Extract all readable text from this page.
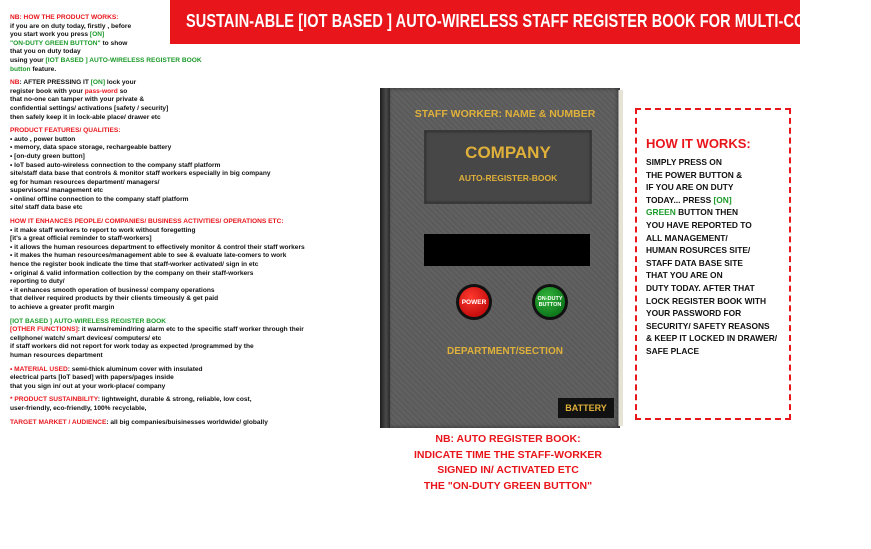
SUSTAIN-ABLE [IOT BASED ] AUTO-WIRELESS STAFF REGISTER BOOK FOR MULTI-COMPANIES

NB: HOW THE PRODUCT WORKS:
if you are on duty today, firstly , before
you start work you press [ON]
"ON-DUTY GREEN BUTTON" to show
that you on duty today
using your [IOT BASED ] AUTO-WIRELESS REGISTER BOOK
button feature.

NB: AFTER PRESSING IT [ON] lock your
register book with your pass-word so
that no-one can tamper with your private &
confidential settings/ activations [safety / security]
then safely keep it in lock-able place/ drawer etc

PRODUCT FEATURES/ QUALITIES:
• auto , power button
• memory, data space storage, rechargeable battery
• [on-duty green button]
• IoT based auto-wireless connection to the company staff platform
site/staff data base that controls & monitor staff workers especially in big company
eg for human resources department/ managers/
supervisors/ management etc
• online/ offline connection to the company staff platform
site/ staff data base etc

HOW IT ENHANCES PEOPLE/ COMPANIES/ BUSINESS ACTIVITIES/ OPERATIONS ETC:
• it make staff workers to report to work without foregetting
[it's a great official reminder to staff-workers]
• it allows the human resources department to effectively monitor & control their staff workers
• it makes the human resources/management able to see & evaluate late-comers to work
hence the register book indicate the time that staff-worker activated/ sign in etc
• original & valid information collection by the company on their staff-workers
reporting to duty/
• it enhances smooth operation of business/ company operations
that deliver required products by their clients timeously & get paid
to achieve a greater profit margin

[IOT BASED ] AUTO-WIRELESS REGISTER BOOK
[OTHER FUNCTIONS]: it warns/remind/ring alarm etc to the specific staff worker through their
cellphone/ watch/ smart devices/ computers/ etc
if staff workers did not report for work today as expected /programmed by the
human resources department

• MATERIAL USED: semi-thick aluminum cover with insulated
electrical parts [IoT based] with papers/pages inside
that you sign in/ out at your work-place/ company

* PRODUCT SUSTAINBILITY: lightweight, durable & strong, reliable, low cost,
user-friendly, eco-friendly, 100% recyclable,

TARGET MARKET / AUDIENCE: all big companies/buisinesses worldwide/ globally

STAFF WORKER: NAME & NUMBER
COMPANY
AUTO-REGISTER-BOOK
POWER	ON-DUTY
BUTTON
DEPARTMENT/SECTION
BATTERY
HOW IT WORKS:
SIMPLY PRESS ON
THE POWER BUTTON &
IF YOU ARE ON DUTY
TODAY... PRESS [ON]
GREEN BUTTON THEN
YOU HAVE REPORTED TO
ALL MANAGEMENT/
HUMAN ROSURCES SITE/
STAFF DATA BASE SITE
THAT YOU ARE ON
DUTY TODAY. AFTER THAT
LOCK REGISTER BOOK WITH
YOUR PASSWORD FOR
SECURITY/ SAFETY REASONS
& KEEP IT LOCKED IN DRAWER/
SAFE PLACE
NB: AUTO REGISTER BOOK:
INDICATE TIME THE STAFF-WORKER
SIGNED IN/ ACTIVATED ETC
THE "ON-DUTY GREEN BUTTON"
